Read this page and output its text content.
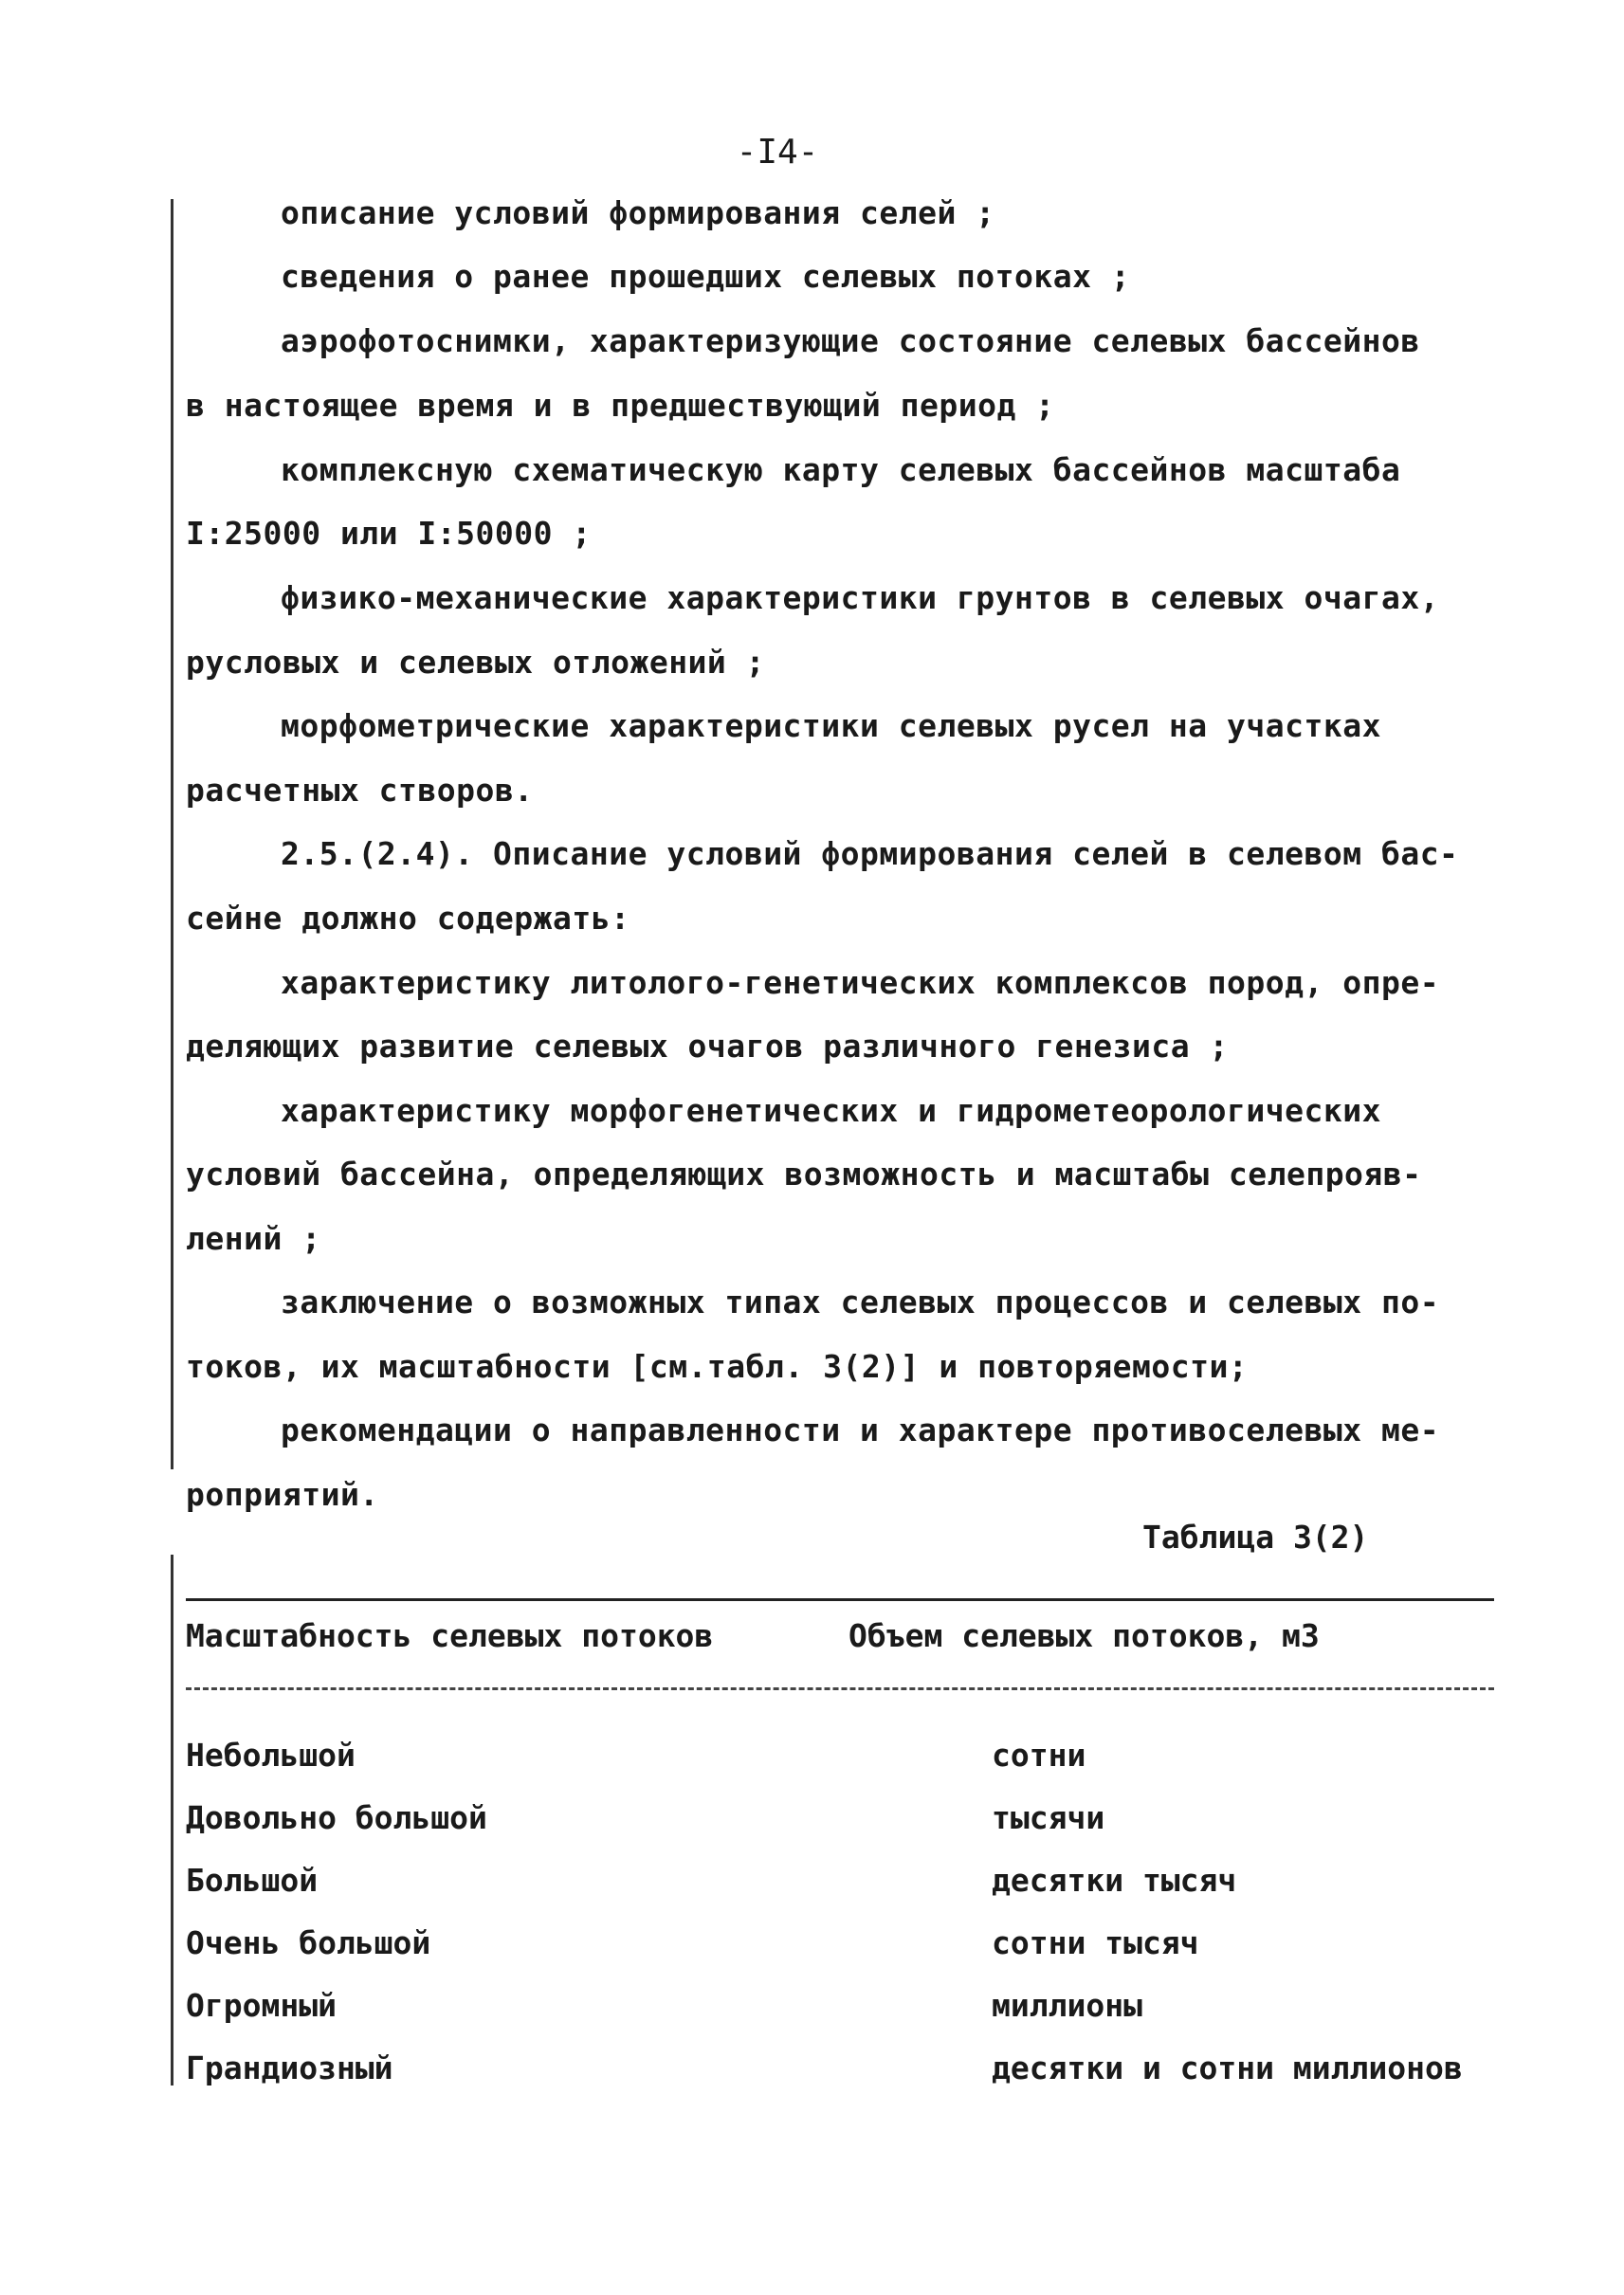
-I4-
описание условий формирования селей ;
сведения о ранее прошедших селевых потоках ;
аэрофотоснимки, характеризующие состояние селевых бассейнов
в настоящее время и в предшествующий период ;
комплексную схематическую карту селевых бассейнов масштаба
I:25000 или I:50000 ;
физико-механические характеристики грунтов в селевых очагах,
русловых и селевых отложений ;
морфометрические характеристики селевых русел на участках
расчетных створов.
2.5.(2.4). Описание условий формирования селей в селевом бас-
сейне должно содержать:
характеристику литолого-генетических комплексов пород, опре-
деляющих развитие селевых очагов различного генезиса ;
характеристику морфогенетических и гидрометеорологических
условий бассейна, определяющих возможность и масштабы селепрояв-
лений ;
заключение о возможных типах селевых процессов и селевых по-
токов, их масштабности [см.табл. 3(2)] и повторяемости;
рекомендации о направленности и характере противоселевых ме-
роприятий.
Таблица 3(2)
Масштабность селевых потоков	Объем селевых потоков, м3
Небольшой	сотни
Довольно большой	тысячи
Большой	десятки тысяч
Очень большой	сотни тысяч
Огромный	миллионы
Грандиозный	десятки и сотни миллионов
